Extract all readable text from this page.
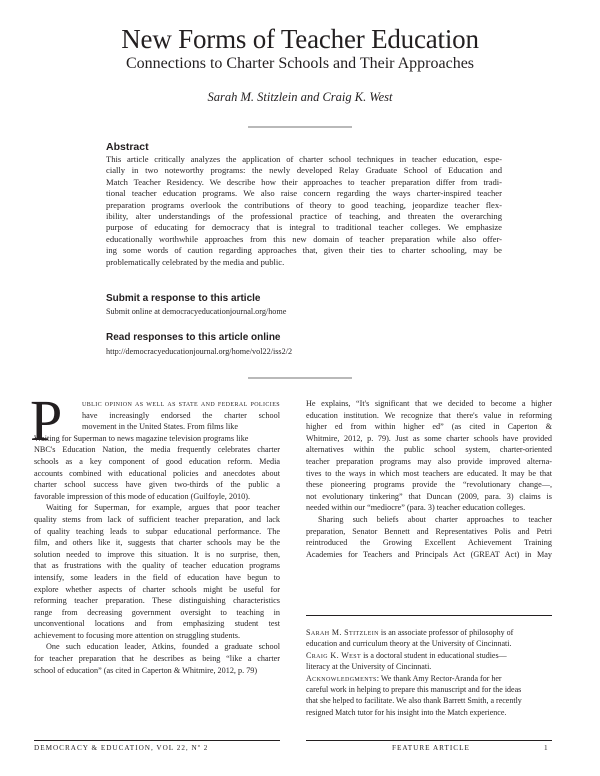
New Forms of Teacher Education
Connections to Charter Schools and Their Approaches
Sarah M. Stitzlein and Craig K. West
Abstract
This article critically analyzes the application of charter school techniques in teacher education, espe-
cially in two noteworthy programs: the newly developed Relay Graduate School of Education and
Match Teacher Residency. We describe how their approaches to teacher preparation differ from tradi-
tional teacher education programs. We also raise concern regarding the ways charter-inspired teacher
preparation programs overlook the contributions of theory to good teaching, jeopardize teacher flex-
ibility, alter understandings of the professional practice of teaching, and threaten the overarching
purpose of educating for democracy that is integral to traditional teacher colleges. We emphasize
educationally worthwhile approaches from this new domain of teacher preparation while also offer-
ing some words of caution regarding approaches that, given their ties to charter schooling, may be
problematically celebrated by the media and public.
Submit a response to this article
Submit online at democracyeducationjournal.org/home
Read responses to this article online
http://democracyeducationjournal.org/home/vol22/iss2/2
P	ublic opinion as well as state and federal policies
have increasingly endorsed the charter school
movement in the United States. From films like
Waiting for Superman to news magazine television programs like
NBC's Education Nation, the media frequently celebrates charter
schools as a key component of good education reform. Media
accounts combined with educational policies and anecdotes about
charter school success have given two-thirds of the public a
favorable impression of this mode of education (Guilfoyle, 2010).
Waiting for Superman, for example, argues that poor teacher
quality stems from lack of sufficient teacher preparation, and lack
of quality teaching leads to subpar educational performance. The
film, and others like it, suggests that charter schools may be the
solution needed to improve this situation. It is no surprise, then,
that as frustrations with the quality of teacher education programs
intensify, some leaders in the field of education have begun to
explore whether aspects of charter schools might be useful for
reforming teacher preparation. These distinguishing characteristics
range from decreasing government oversight to teaching in
unconventional locations and from emphasizing student test
achievement to focusing more attention on struggling students.
One such education leader, Atkins, founded a graduate school
for teacher preparation that he describes as being “like a charter
school of education” (as cited in Caperton & Whitmire, 2012, p. 79)
He explains, “It's significant that we decided to become a higher
education institution. We recognize that there's value in reforming
higher ed from within higher ed” (as cited in Caperton &
Whitmire, 2012, p. 79). Just as some charter schools have provided
alternatives within the public school system, charter-oriented
teacher preparation programs may also provide improved alterna-
tives to the ways in which most teachers are educated. It may be that
these pioneering programs provide the “revolutionary change—,
not evolutionary tinkering” that Duncan (2009, para. 3) claims is
needed within our “mediocre” (para. 3) teacher education colleges.
Sharing such beliefs about charter approaches to teacher
preparation, Senator Bennett and Representatives Polis and Petri
reintroduced the Growing Excellent Achievement Training
Academies for Teachers and Principals Act (GREAT Act) in May
Sarah M. Stitzlein is an associate professor of philosophy of
education and curriculum theory at the University of Cincinnati.
Craig K. West is a doctoral student in educational studies—
literacy at the University of Cincinnati.
Acknowledgments: We thank Amy Rector-Aranda for her
careful work in helping to prepare this manuscript and for the ideas
that she helped to facilitate. We also thank Barrett Smith, a recently
resigned Match tutor for his insight into the Match experience.
DEMOCRACY & EDUCATION, VOL 22, Nº 2	FEATURE ARTICLE	1
